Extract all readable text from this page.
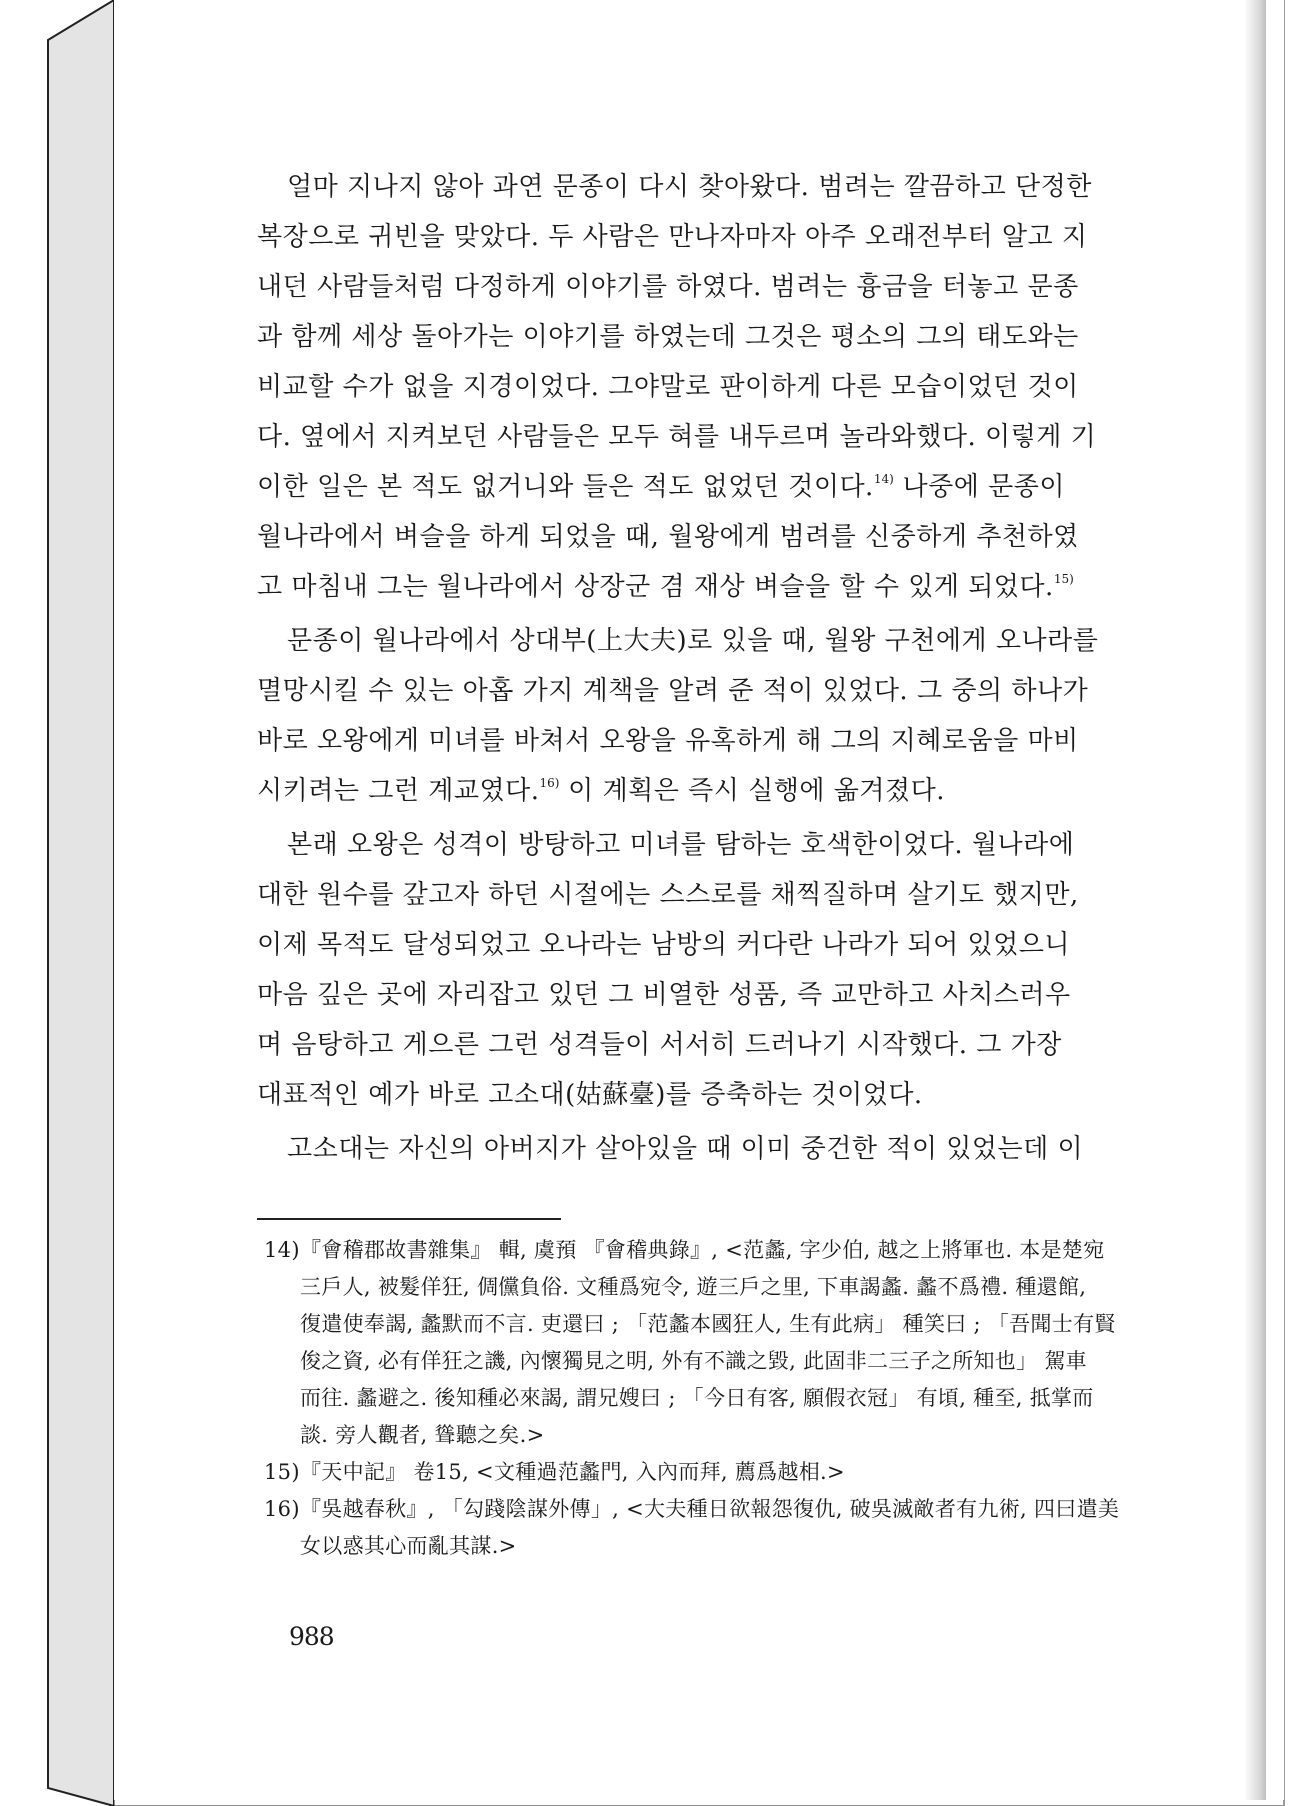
얼마 지나지 않아 과연 문종이 다시 찾아왔다. 범려는 깔끔하고 단정한
복장으로 귀빈을 맞았다. 두 사람은 만나자마자 아주 오래전부터 알고 지
내던 사람들처럼 다정하게 이야기를 하였다. 범려는 흉금을 터놓고 문종
과 함께 세상 돌아가는 이야기를 하였는데 그것은 평소의 그의 태도와는
비교할 수가 없을 지경이었다. 그야말로 판이하게 다른 모습이었던 것이
다. 옆에서 지켜보던 사람들은 모두 혀를 내두르며 놀라와했다. 이렇게 기
이한 일은 본 적도 없거니와 들은 적도 없었던 것이다.$^{14)}$ 나중에 문종이
월나라에서 벼슬을 하게 되었을 때, 월왕에게 범려를 신중하게 추천하였
고 마침내 그는 월나라에서 상장군 겸 재상 벼슬을 할 수 있게 되었다.$^{15)}$

문종이 월나라에서 상대부(上大夫)로 있을 때, 월왕 구천에게 오나라를
멸망시킬 수 있는 아홉 가지 계책을 알려 준 적이 있었다. 그 중의 하나가
바로 오왕에게 미녀를 바쳐서 오왕을 유혹하게 해 그의 지혜로움을 마비
시키려는 그런 계교였다.$^{16)}$ 이 계획은 즉시 실행에 옮겨졌다.

본래 오왕은 성격이 방탕하고 미녀를 탐하는 호색한이었다. 월나라에
대한 원수를 갚고자 하던 시절에는 스스로를 채찍질하며 살기도 했지만,
이제 목적도 달성되었고 오나라는 남방의 커다란 나라가 되어 있었으니
마음 깊은 곳에 자리잡고 있던 그 비열한 성품, 즉 교만하고 사치스러우
며 음탕하고 게으른 그런 성격들이 서서히 드러나기 시작했다. 그 가장
대표적인 예가 바로 고소대(姑蘇臺)를 증축하는 것이었다.

고소대는 자신의 아버지가 살아있을 때 이미 중건한 적이 있었는데 이

14) 『會稽郡故書雜集』 輯, 虞預 『會稽典錄』, <范蠡, 字少伯, 越之上將軍也. 本是楚宛
三戶人, 被髮佯狂, 倜儻負俗. 文種爲宛令, 遊三戶之里, 下車謁蠡. 蠡不爲禮. 種還館,
復遣使奉謁, 蠡默而不言. 吏還曰 ; 「范蠡本國狂人, 生有此病」 種笑曰 ; 「吾聞士有賢
俊之資, 必有佯狂之譏, 內懷獨見之明, 外有不識之毀, 此固非二三子之所知也」 駕車
而往. 蠡避之. 後知種必來謁, 謂兄嫂曰 ; 「今日有客, 願假衣冠」 有頃, 種至, 抵掌而
談. 旁人觀者, 聳聽之矣.>

15) 『天中記』 卷15, <文種過范蠡門, 入內而拜, 薦爲越相.>

16) 『吳越春秋』, 「勾踐陰謀外傳」, <大夫種日欲報怨復仇, 破吳滅敵者有九術, 四曰遣美
女以惑其心而亂其謀.>

988
